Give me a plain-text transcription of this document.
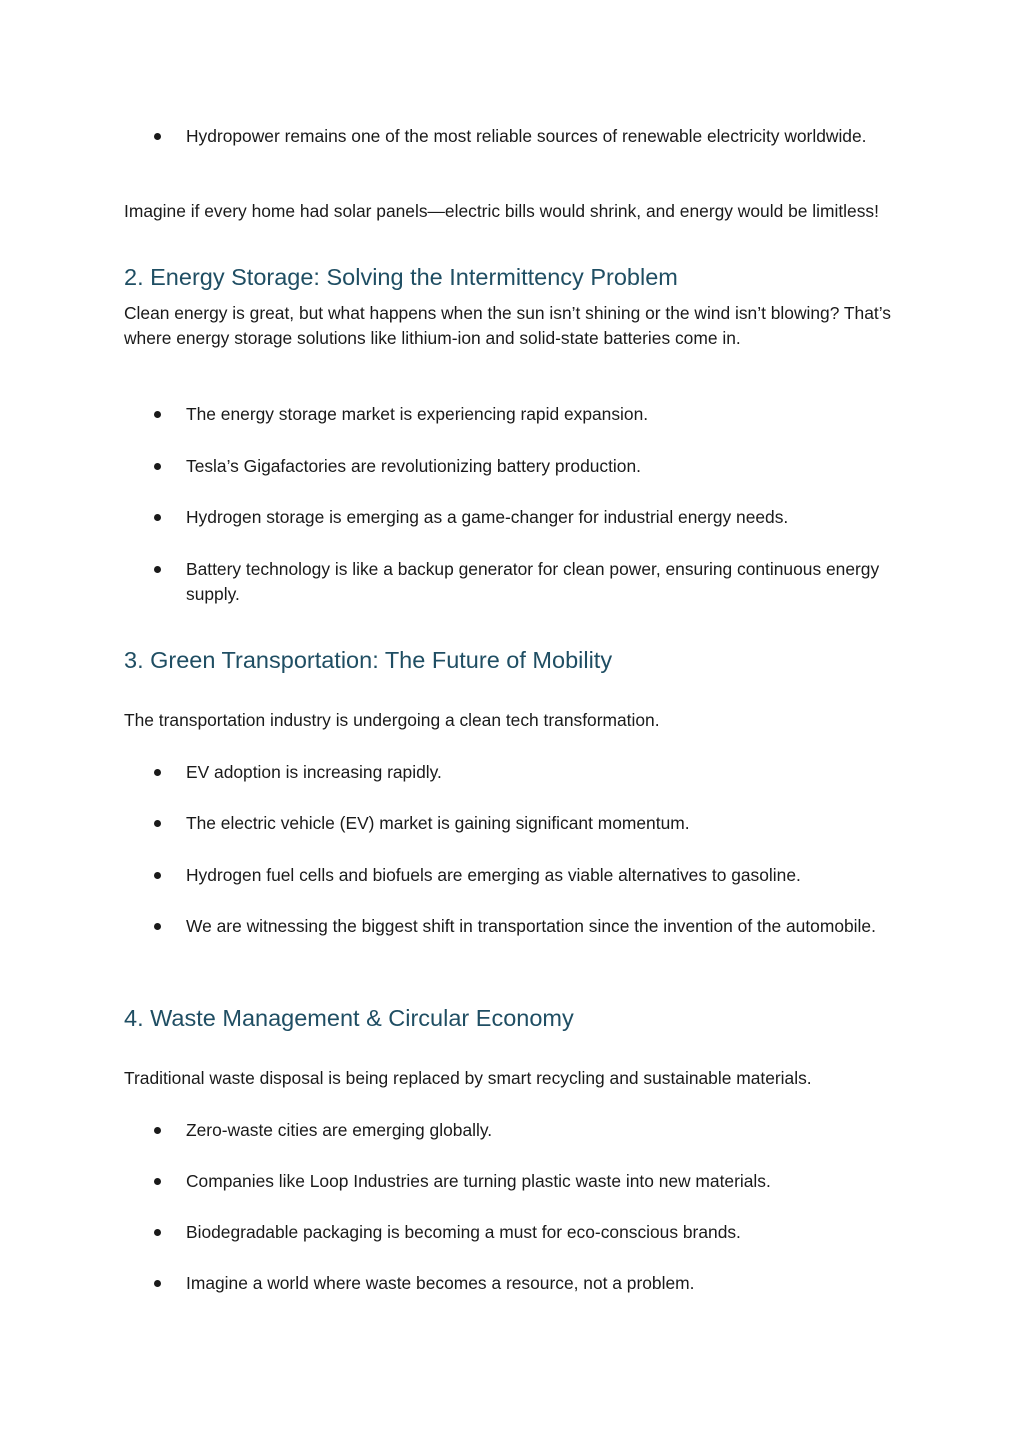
Hydropower remains one of the most reliable sources of renewable electricity worldwide.

Imagine if every home had solar panels—electric bills would shrink, and energy would be limitless!

2. Energy Storage: Solving the Intermittency Problem

Clean energy is great, but what happens when the sun isn’t shining or the wind isn’t blowing? That’s where energy storage solutions like lithium-ion and solid-state batteries come in.

The energy storage market is experiencing rapid expansion.

Tesla’s Gigafactories are revolutionizing battery production.

Hydrogen storage is emerging as a game-changer for industrial energy needs.

Battery technology is like a backup generator for clean power, ensuring continuous energy supply.

3. Green Transportation: The Future of Mobility

The transportation industry is undergoing a clean tech transformation.

EV adoption is increasing rapidly.

The electric vehicle (EV) market is gaining significant momentum.

Hydrogen fuel cells and biofuels are emerging as viable alternatives to gasoline.

We are witnessing the biggest shift in transportation since the invention of the automobile.

4. Waste Management & Circular Economy

Traditional waste disposal is being replaced by smart recycling and sustainable materials.

Zero-waste cities are emerging globally.

Companies like Loop Industries are turning plastic waste into new materials.

Biodegradable packaging is becoming a must for eco-conscious brands.

Imagine a world where waste becomes a resource, not a problem.
